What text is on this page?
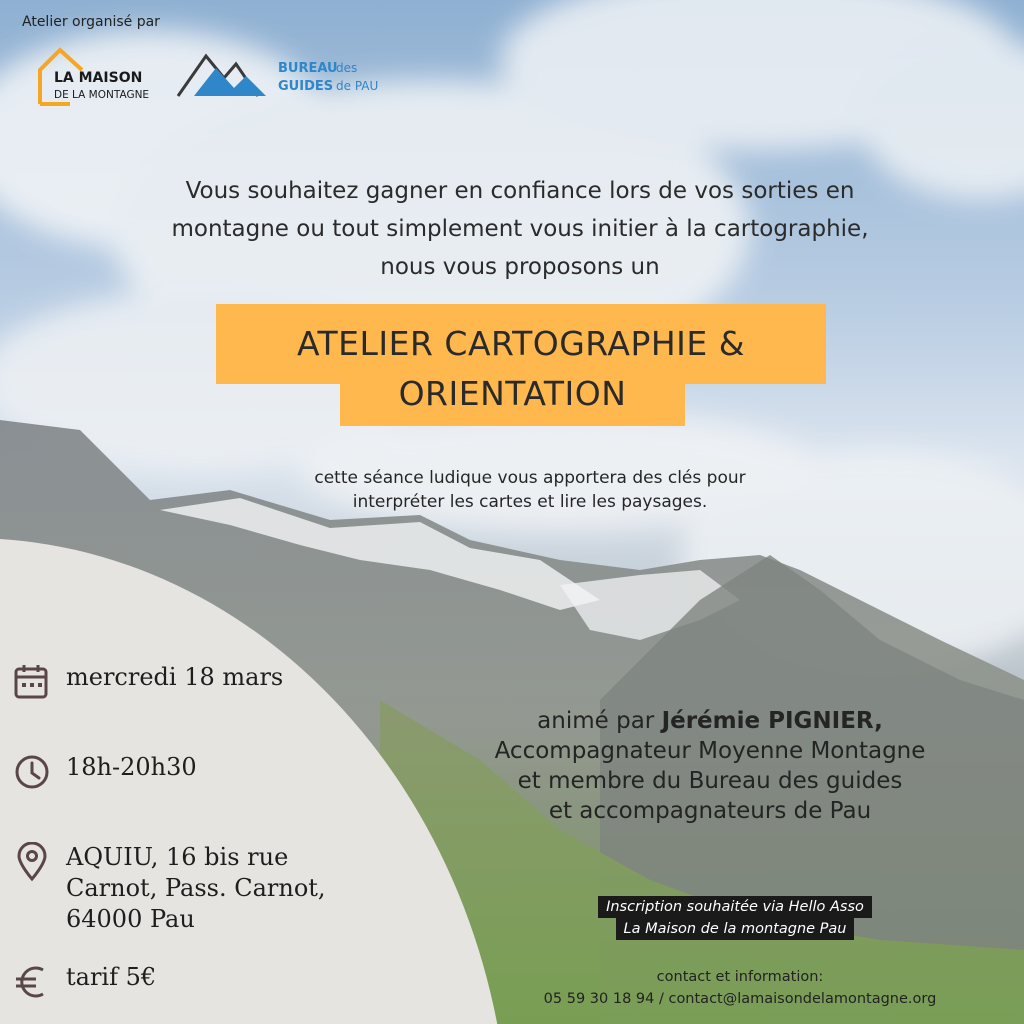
Atelier organisé par
LA MAISON
DE LA MONTAGNE
BUREAU
des
GUIDES de PAU
Vous souhaitez gagner en confiance lors de vos sorties en
montagne ou tout simplement vous initier à la cartographie,
nous vous proposons un
ATELIER CARTOGRAPHIE &
ORIENTATION
cette séance ludique vous apportera des clés pour
interpréter les cartes et lire les paysages.
mercredi 18 mars
18h-20h30
AQUIU, 16 bis rue
Carnot, Pass. Carnot,
64000 Pau
tarif 5€
animé par Jérémie PIGNIER,
Accompagnateur Moyenne Montagne
et membre du Bureau des guides
et accompagnateurs de Pau
Inscription souhaitée via Hello Asso
La Maison de la montagne Pau
contact et information:
05 59 30 18 94 / contact@lamaisondelamontagne.org
